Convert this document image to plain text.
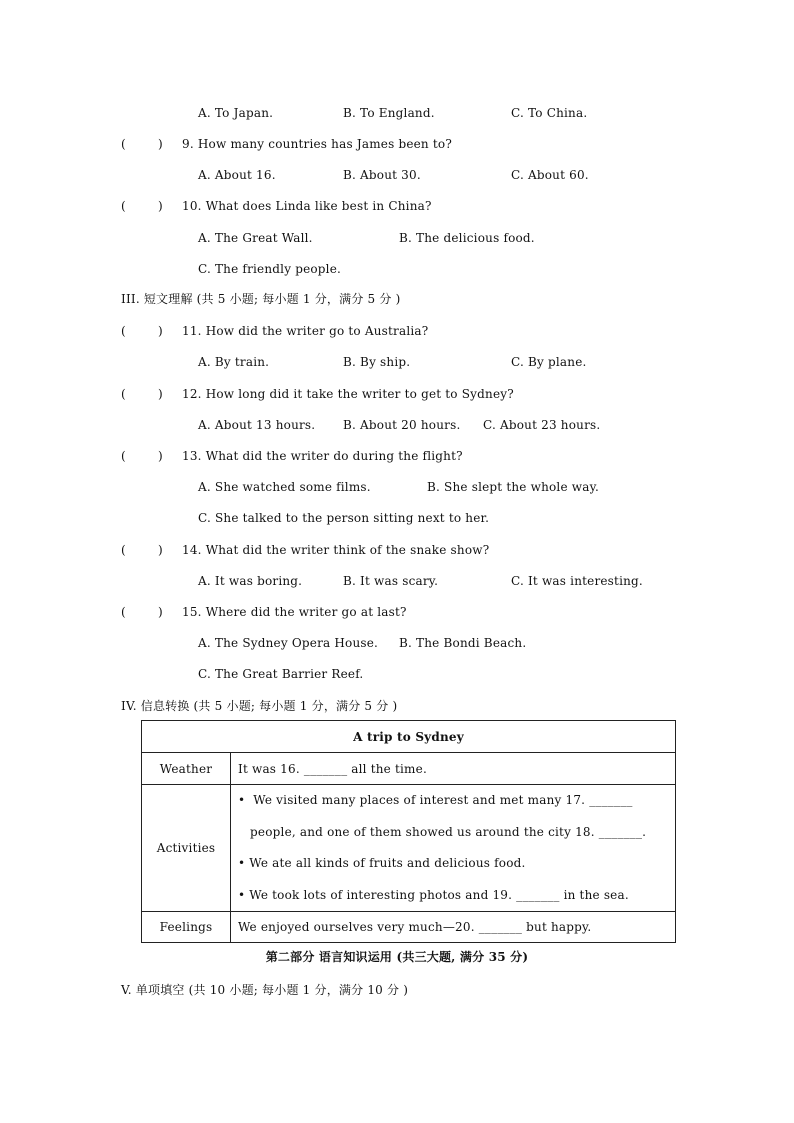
A. To Japan.	B. To England.	C. To China.
(        ) 9. How many countries has James been to?
A. About 16.	B. About 30.	C. About 60.
(        ) 10. What does Linda like best in China?
A. The Great Wall.	B. The delicious food.
C. The friendly people.
III. 短文理解 (共 5 小题; 每小题 1 分，满分 5 分 )
(        ) 11. How did the writer go to Australia?
A. By train.	B. By ship.	C. By plane.
(        ) 12. How long did it take the writer to get to Sydney?
A. About 13 hours. B. About 20 hours. C. About 23 hours.
(        ) 13. What did the writer do during the flight?
A. She watched some films.	B. She slept the whole way.
C. She talked to the person sitting next to her.
(        ) 14. What did the writer think of the snake show?
A. It was boring.	B. It was scary.	C. It was interesting.
(        ) 15. Where did the writer go at last?
A. The Sydney Opera House. B. The Bondi Beach.
C. The Great Barrier Reef.
IV. 信息转换 (共 5 小题; 每小题 1 分，满分 5 分 )
A trip to Sydney	
Weather	It was 16. _______ all the time.
Activities	•  We visited many places of interest and met many 17. _______
people, and one of them showed us around the city 18. _______.
• We ate all kinds of fruits and delicious food.
• We took lots of interesting photos and 19. _______ in the sea.

Feelings	We enjoyed ourselves very much—20. _______ but happy.
第二部分 语言知识运用 (共三大题, 满分 35 分)
V. 单项填空 (共 10 小题; 每小题 1 分，满分 10 分 )
